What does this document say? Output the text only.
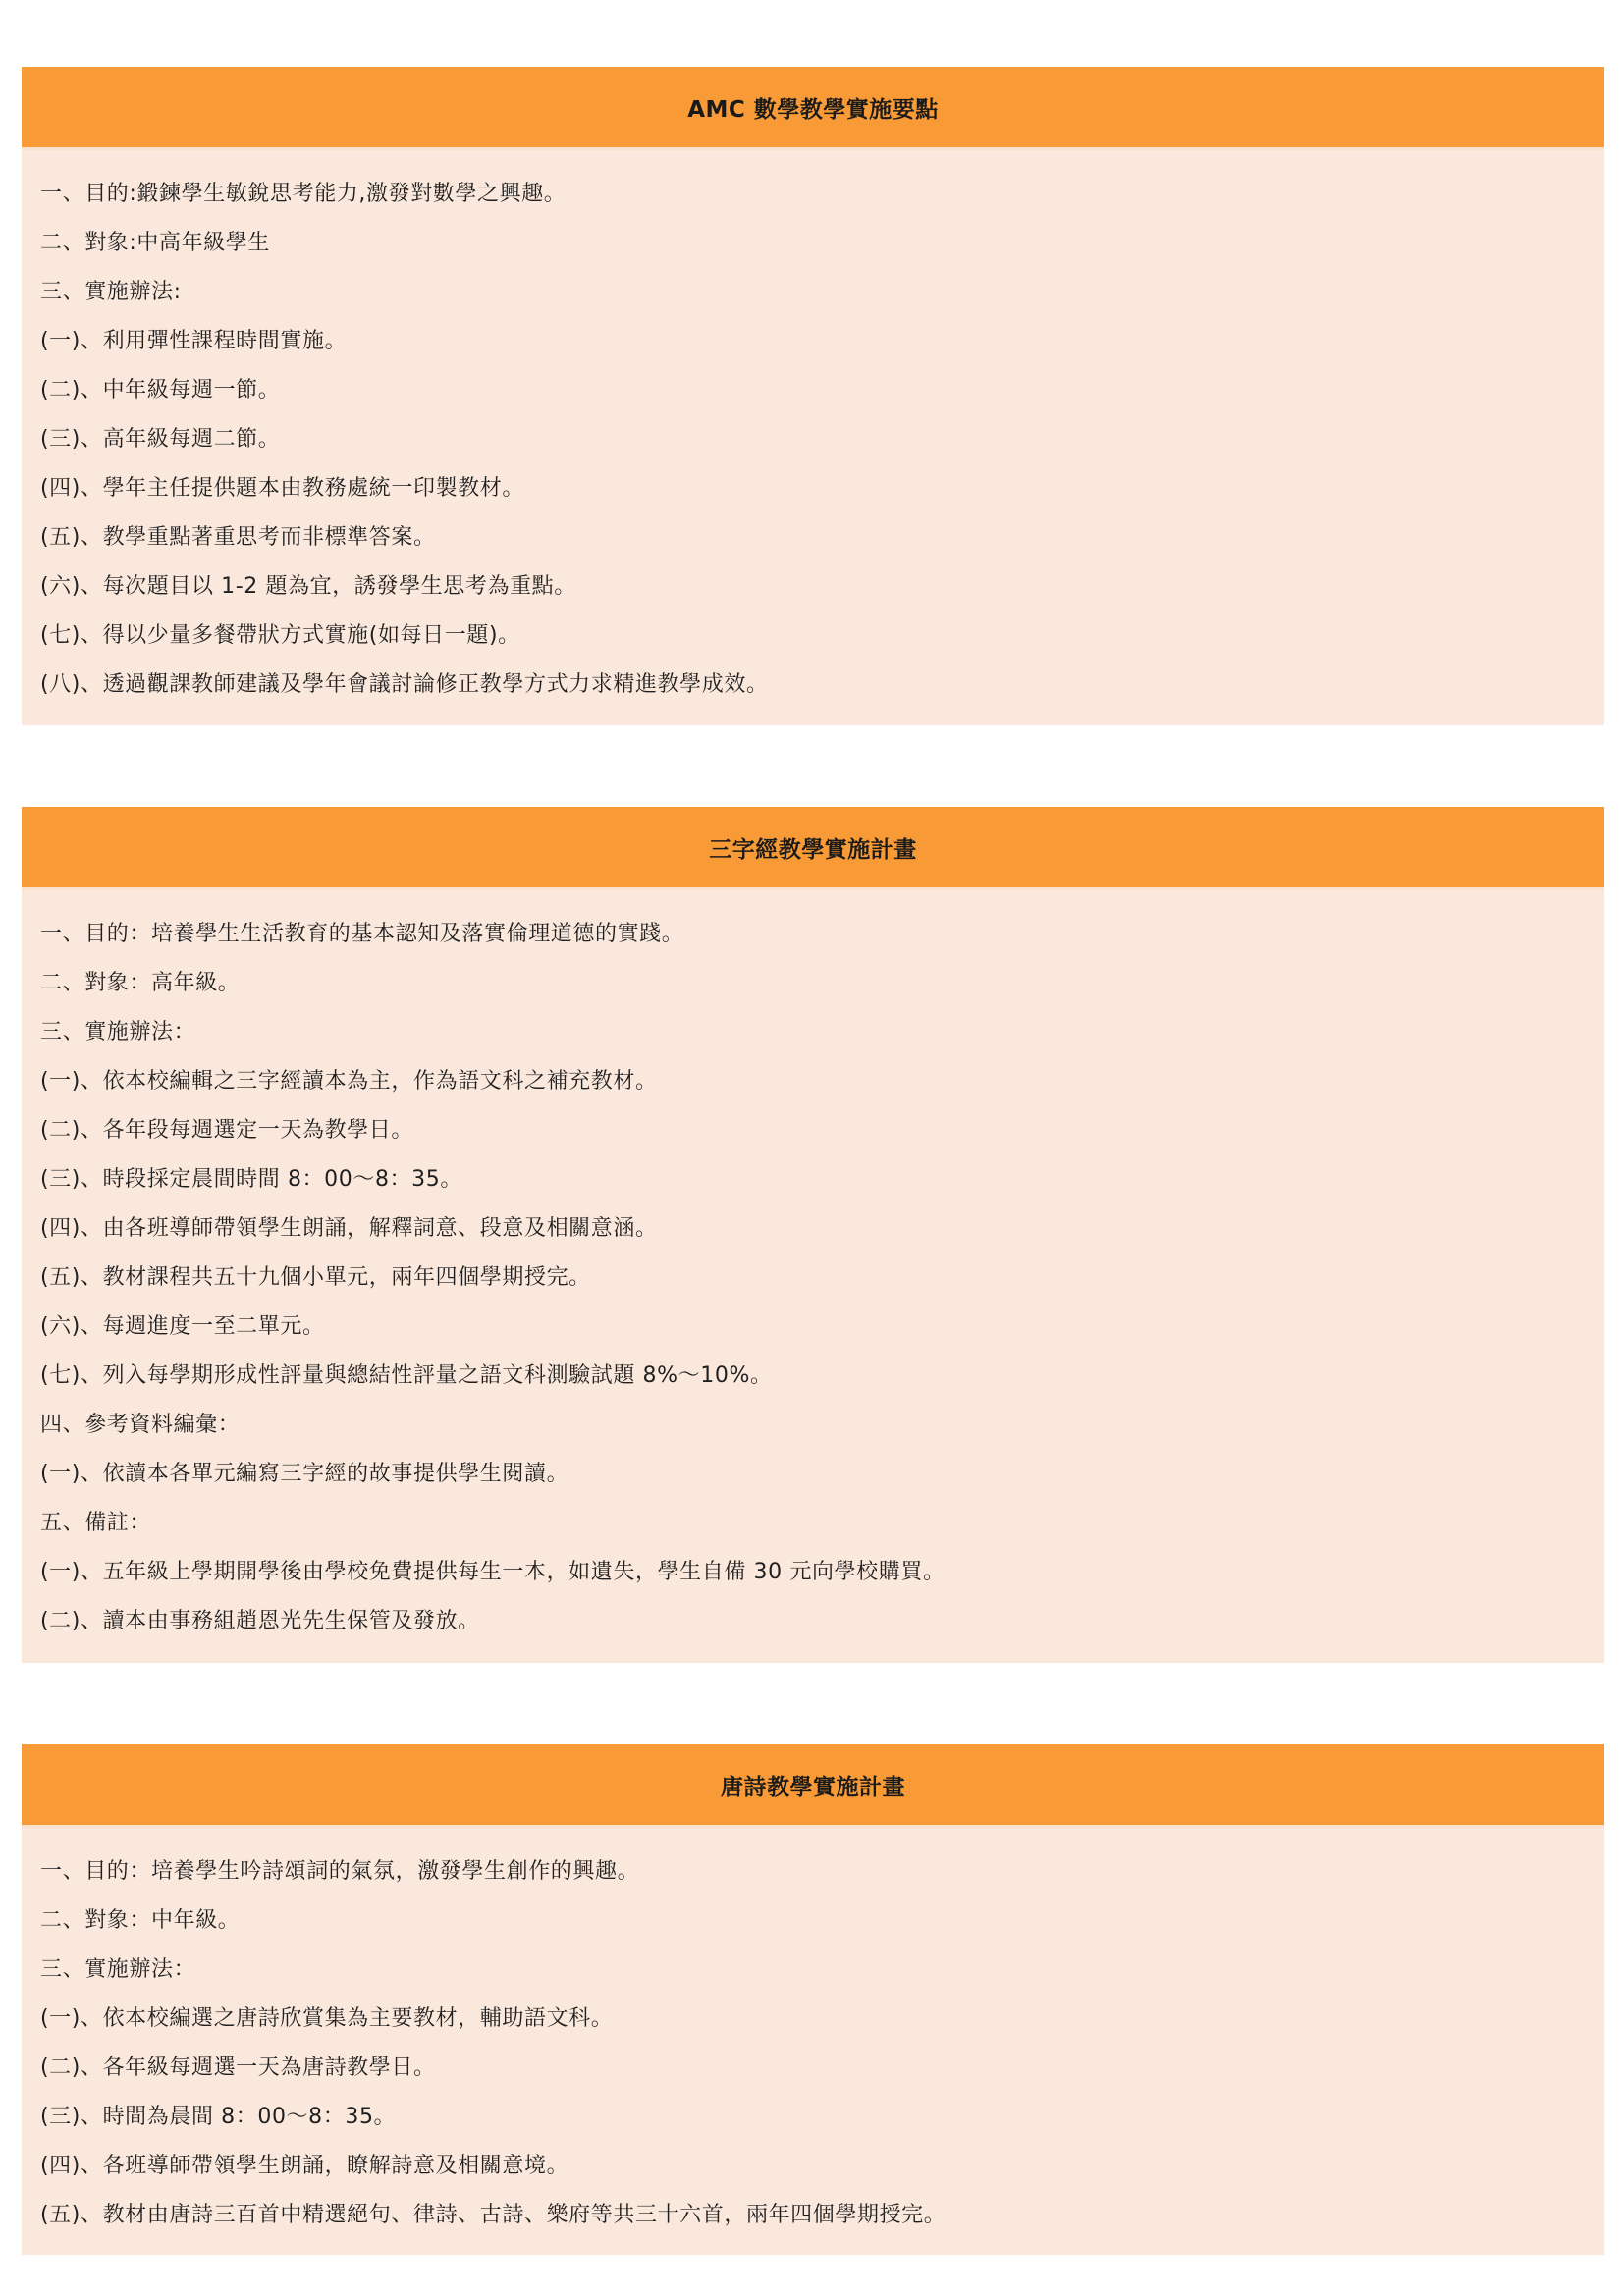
AMC 數學教學實施要點
一、目的:鍛鍊學生敏銳思考能力,激發對數學之興趣。
二、對象:中高年級學生
三、實施辦法:
(一)、利用彈性課程時間實施。
(二)、中年級每週一節。
(三)、高年級每週二節。
(四)、學年主任提供題本由教務處統一印製教材。
(五)、教學重點著重思考而非標準答案。
(六)、每次題目以 1-2 題為宜，誘發學生思考為重點。
(七)、得以少量多餐帶狀方式實施(如每日一題)。
(八)、透過觀課教師建議及學年會議討論修正教學方式力求精進教學成效。
三字經教學實施計畫
一、目的：培養學生生活教育的基本認知及落實倫理道德的實踐。
二、對象：高年級。
三、實施辦法：
(一)、依本校編輯之三字經讀本為主，作為語文科之補充教材。
(二)、各年段每週選定一天為教學日。
(三)、時段採定晨間時間 8：00～8：35。
(四)、由各班導師帶領學生朗誦，解釋詞意、段意及相關意涵。
(五)、教材課程共五十九個小單元，兩年四個學期授完。
(六)、每週進度一至二單元。
(七)、列入每學期形成性評量與總結性評量之語文科測驗試題 8%～10%。
四、參考資料編彙：
(一)、依讀本各單元編寫三字經的故事提供學生閱讀。
五、備註：
(一)、五年級上學期開學後由學校免費提供每生一本，如遺失，學生自備 30 元向學校購買。
(二)、讀本由事務組趙恩光先生保管及發放。
唐詩教學實施計畫
一、目的：培養學生吟詩頌詞的氣氛，激發學生創作的興趣。
二、對象：中年級。
三、實施辦法：
(一)、依本校編選之唐詩欣賞集為主要教材，輔助語文科。
(二)、各年級每週選一天為唐詩教學日。
(三)、時間為晨間 8：00～8：35。
(四)、各班導師帶領學生朗誦，瞭解詩意及相關意境。
(五)、教材由唐詩三百首中精選絕句、律詩、古詩、樂府等共三十六首，兩年四個學期授完。
